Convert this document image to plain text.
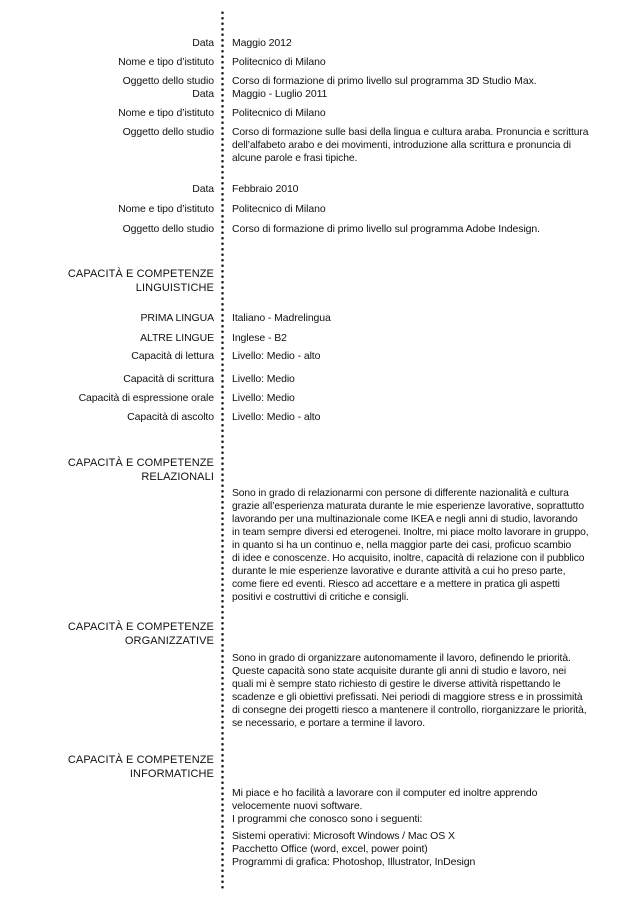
Data Maggio 2012
Nome e tipo d’istituto Politecnico di Milano
Oggetto dello studio Corso di formazione di primo livello sul programma 3D Studio Max.
Data Maggio - Luglio 2011
Nome e tipo d’istituto Politecnico di Milano
Oggetto dello studio Corso di formazione sulle basi della lingua e cultura araba. Pronuncia e scrittura
dell’alfabeto arabo e dei movimenti, introduzione alla scrittura e pronuncia di
alcune parole e frasi tipiche.
Data Febbraio 2010
Nome e tipo d’istituto Politecnico di Milano
Oggetto dello studio Corso di formazione di primo livello sul programma Adobe Indesign.
CAPACITÀ E COMPETENZE
LINGUISTICHE
PRIMA LINGUA Italiano - Madrelingua
ALTRE LINGUE Inglese - B2
Capacità di lettura Livello: Medio - alto
Capacità di scrittura Livello: Medio
Capacità di espressione orale Livello: Medio
Capacità di ascolto Livello: Medio - alto
CAPACITÀ E COMPETENZE
RELAZIONALI
Sono in grado di relazionarmi con persone di differente nazionalità e cultura
grazie all’esperienza maturata durante le mie esperienze lavorative, soprattutto
lavorando per una multinazionale come IKEA e negli anni di studio, lavorando
in team sempre diversi ed eterogenei. Inoltre, mi piace molto lavorare in gruppo,
in quanto si ha un continuo e, nella maggior parte dei casi, proficuo scambio
di idee e conoscenze. Ho acquisito, inoltre, capacità di relazione con il pubblico
durante le mie esperienze lavorative e durante attività a cui ho preso parte,
come fiere ed eventi. Riesco ad accettare e a mettere in pratica gli aspetti
positivi e costruttivi di critiche e consigli.
CAPACITÀ E COMPETENZE
ORGANIZZATIVE
Sono in grado di organizzare autonomamente il lavoro, definendo le priorità.
Queste capacità sono state acquisite durante gli anni di studio e lavoro, nei
quali mi è sempre stato richiesto di gestire le diverse attività rispettando le
scadenze e gli obiettivi prefissati. Nei periodi di maggiore stress e in prossimità
di consegne dei progetti riesco a mantenere il controllo, riorganizzare le priorità,
se necessario, e portare a termine il lavoro.
CAPACITÀ E COMPETENZE
INFORMATICHE
Mi piace e ho facilità a lavorare con il computer ed inoltre apprendo
velocemente nuovi software.
I programmi che conosco sono i seguenti:
Sistemi operativi: Microsoft Windows / Mac OS X
Pacchetto Office (word, excel, power point)
Programmi di grafica: Photoshop, Illustrator, InDesign
